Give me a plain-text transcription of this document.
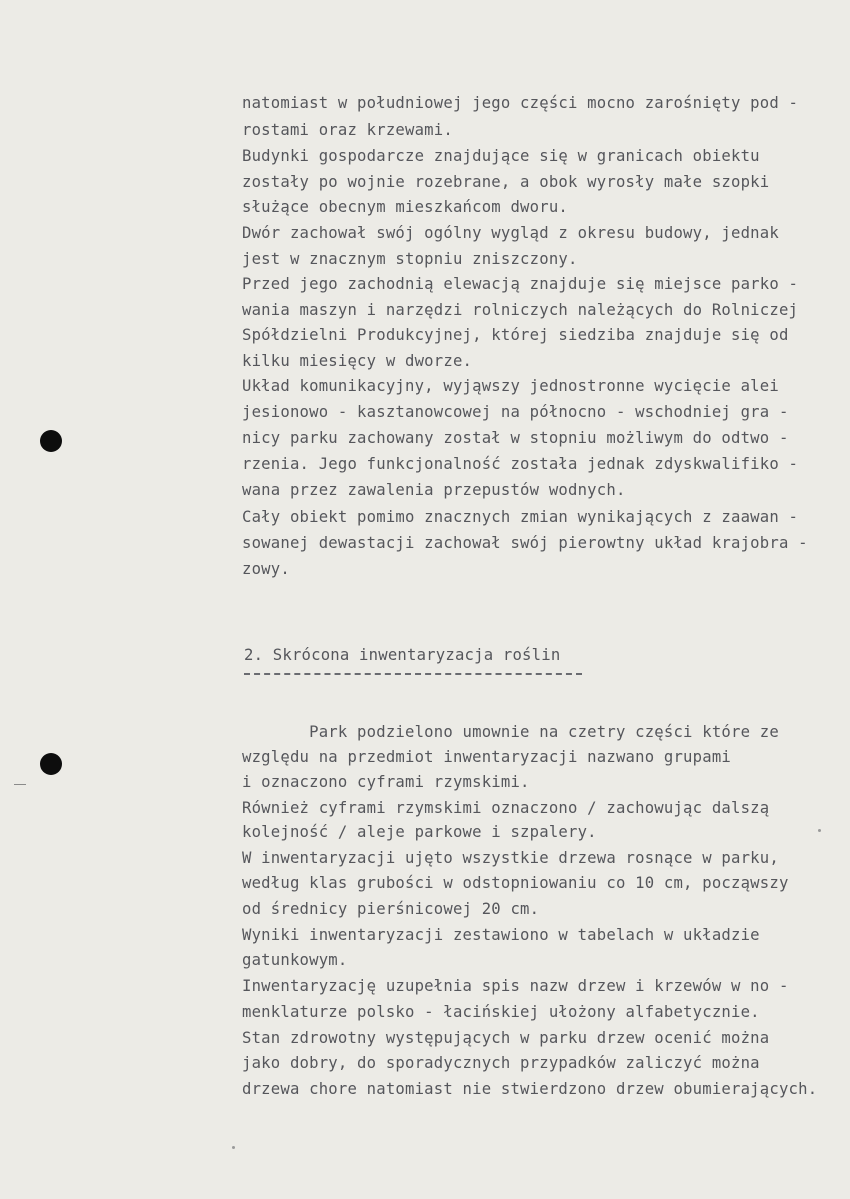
natomiast w południowej jego części mocno zarośnięty pod -
rostami oraz krzewami.
Budynki gospodarcze znajdujące się w granicach obiektu
zostały po wojnie rozebrane, a obok wyrosły małe szopki
służące obecnym mieszkańcom dworu.
Dwór zachował swój ogólny wygląd z okresu budowy, jednak
jest w znacznym stopniu zniszczony.
Przed jego zachodnią elewacją znajduje się miejsce parko -
wania maszyn i narzędzi rolniczych należących do Rolniczej
Spółdzielni Produkcyjnej, której siedziba znajduje się od
kilku miesięcy w dworze.
Układ komunikacyjny, wyjąwszy jednostronne wycięcie alei
jesionowo - kasztanowcowej na północno - wschodniej gra -
nicy parku zachowany został w stopniu możliwym do odtwo -
rzenia. Jego funkcjonalność została jednak zdyskwalifiko -
wana przez zawalenia przepustów wodnych.
Cały obiekt pomimo znacznych zmian wynikających z zaawan -
sowanej dewastacji zachował swój pierowtny układ krajobra -
zowy.
2. Skrócona inwentaryzacja roślin
Park podzielono umownie na czetry części które ze
względu na przedmiot inwentaryzacji nazwano grupami
i oznaczono cyframi rzymskimi.
Również cyframi rzymskimi oznaczono / zachowując dalszą
kolejność / aleje parkowe i szpalery.
W inwentaryzacji ujęto wszystkie drzewa rosnące w parku,
według klas grubości w odstopniowaniu co 10 cm, począwszy
od średnicy pierśnicowej 20 cm.
Wyniki inwentaryzacji zestawiono w tabelach w układzie
gatunkowym.
Inwentaryzację uzupełnia spis nazw drzew i krzewów w no -
menklaturze polsko - łacińskiej ułożony alfabetycznie.
Stan zdrowotny występujących w parku drzew ocenić można
jako dobry, do sporadycznych przypadków zaliczyć można
drzewa chore natomiast nie stwierdzono drzew obumierających.
